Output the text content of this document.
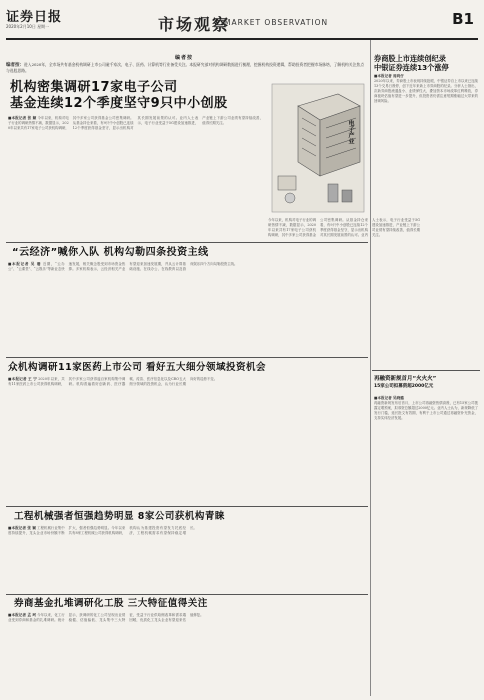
证券日报
2020年2月10日 星期一	市场观察
MARKET OBSERVATION	B1
编者按
编者按：进入2020年，全市场共有基金机构调研上市公司逾千家次，电子、医药、计算机等行业备受关注。本报研究部对机构调研数据进行梳理，挖掘机构投资逻辑，帮助投资者把握市场脉络，了解机构关注焦点与选股思路。
机构密集调研17家电子公司
基金连续12个季度坚守9只中小创股
电子产业
■本报记者 张 颖 今年以来，机构对电子行业的调研热情不减，数据显示，2020年以来共有17家电子公司获机构调研，其中多家公司获得基金公司密集调研。从基金持仓来看，有9只中小创股已连续12个季度获得基金坚守，显示出机构对其长期发展前景的认可。业内人士表示，电子行业受益于5G建设加速推进，产业链上下游公司业绩有望持续改善，值得长期关注。
今年以来，机构对电子行业的调研热情不减，数据显示，2020年以来共有17家电子公司获机构调研，其中多家公司获得基金公司密集调研。从基金持仓来看，有9只中小创股已连续12个季度获得基金坚守，显示出机构对其长期发展前景的认可。业内人士表示，电子行业受益于5G建设加速推进，产业链上下游公司业绩有望持续改善，值得长期关注。
“云经济”喊你入队 机构勾勒四条投资主线
■本报记者 吴 珊 近期，“云办公”、“云课堂”、“云娱乐”等新业态快速发展，相关概念股受到市场资金热捧。多家机构表示，云经济相关产业有望迎来加速发展期，并从云计算基础设施、在线办公、在线教育以及游戏娱乐四个方向勾勒投资主线。
众机构调研11家医药上市公司 看好五大细分领域投资机会
■本报记者 王 宁 2020年以来，共有11家医药上市公司获得机构调研，其中多家公司获得逾百家机构集中调研。机构普遍看好创新药、医疗器械、疫苗、医疗信息化以及CRO五大细分领域的投资机会，认为行业长期向好的趋势不变。
工程机械强者恒强趋势明显 8家公司获机构青睐
■本报记者 张 颖 工程机械行业集中度持续提升，龙头企业市场份额不断扩大，强者恒强趋势明显。今年以来共有8家工程机械公司获得机构调研，机构认为基建投资有望发力托底经济，工程机械需求有望保持稳定增长。
券商基金扎堆调研化工股 三大特征值得关注
■本报记者 孟 珂 今年以来，化工行业受到券商和基金的扎堆调研。统计显示，获调研的化工公司呈现出业绩稳健、估值偏低、龙头集中三大特征，受益于行业供给侧改革和需求端回暖，优质化工龙头企业有望迎来估值修复。
券商股上市连续创纪录
中银证券连续13个涨停
■本报记者 周尚仔
2020年以来，券商股上市表现持续抢眼，中银证券自上市以来已连续13个交易日涨停，创下近年来新上市券商股的纪录。分析人士指出，次新券商股流通盘小、业绩弹性大，叠加资本市场改革红利释放，券商板块估值有望进一步提升，但投资者仍需注意短期涨幅过大带来的回调风险。
再融资新规首月“火火火”
15家公司拟募资超2000亿元
■本报记者 吴晓璐
再融资新规发布后首月，上市公司再融资热情高涨，已有15家公司披露定增预案，拟募资总额超过2000亿元。业内人士认为，新规降低了发行门槛，延长批文有效期，有利于上市公司通过再融资补充资金，支持实体经济发展。
